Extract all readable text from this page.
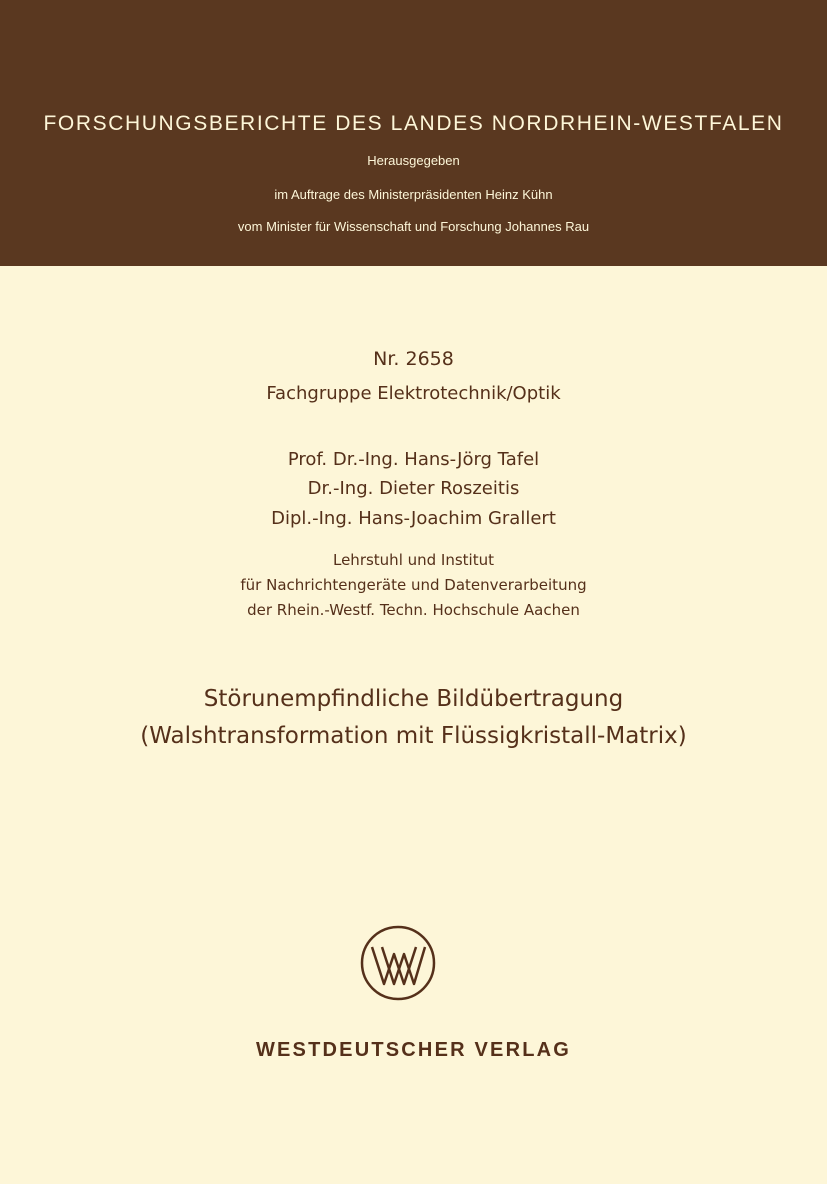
FORSCHUNGSBERICHTE DES LANDES NORDRHEIN-WESTFALEN
Herausgegeben
im Auftrage des Ministerpräsidenten Heinz Kühn
vom Minister für Wissenschaft und Forschung Johannes Rau
Nr. 2658
Fachgruppe Elektrotechnik/Optik
Prof. Dr.-Ing. Hans-Jörg Tafel
Dr.-Ing. Dieter Roszeitis
Dipl.-Ing. Hans-Joachim Grallert
Lehrstuhl und Institut
für Nachrichtengeräte und Datenverarbeitung
der Rhein.-Westf. Techn. Hochschule Aachen
Störunempfindliche Bildübertragung
(Walshtransformation mit Flüssigkristall-Matrix)
WESTDEUTSCHER VERLAG
